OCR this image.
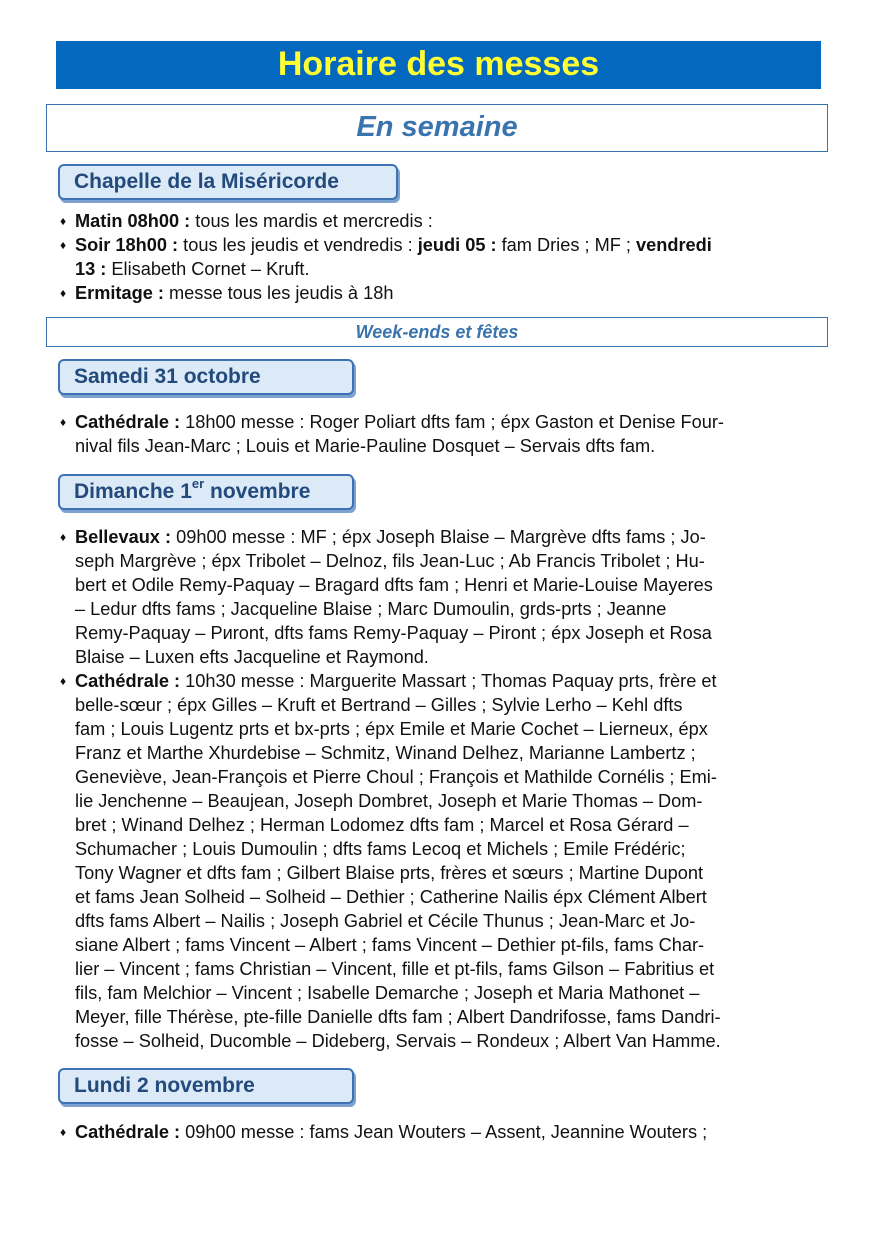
Horaire des messes
En semaine
Chapelle de la Miséricorde
♦ Matin 08h00 : tous les mardis et mercredis :
♦ Soir 18h00 : tous les jeudis et vendredis : jeudi 05 : fam Dries ; MF ; vendredi
13 : Elisabeth Cornet – Kruft.
♦ Ermitage : messe tous les jeudis à 18h
Week-ends et fêtes
Samedi 31 octobre
♦ Cathédrale : 18h00 messe : Roger Poliart dfts fam ; épx Gaston et Denise Four-
nival fils Jean-Marc ; Louis et Marie-Pauline Dosquet – Servais dfts fam.
Dimanche 1er novembre
♦ Bellevaux : 09h00 messe : MF ; épx Joseph Blaise – Margrève dfts fams ; Jo-
seph Margrève ; épx Tribolet – Delnoz, fils Jean-Luc ; Ab Francis Tribolet ; Hu-
bert et Odile Remy-Paquay – Bragard dfts fam ; Henri et Marie-Louise Mayeres
– Ledur dfts fams ; Jacqueline Blaise ; Marc Dumoulin, grds-prts ; Jeanne
Remy-Paquay – Pиront, dfts fams Remy-Paquay – Piront ; épx Joseph et Rosa
Blaise – Luxen efts Jacqueline et Raymond.
♦ Cathédrale : 10h30 messe : Marguerite Massart ; Thomas Paquay prts, frère et
belle-sœur ; épx Gilles – Kruft et Bertrand – Gilles ; Sylvie Lerho – Kehl dfts
fam ; Louis Lugentz prts et bx-prts ; épx Emile et Marie Cochet – Lierneux, épx
Franz et Marthe Xhurdebise – Schmitz, Winand Delhez, Marianne Lambertz ;
Geneviève, Jean-François et Pierre Choul ; François et Mathilde Cornélis ; Emi-
lie Jenchenne – Beaujean, Joseph Dombret, Joseph et Marie Thomas – Dom-
bret ; Winand Delhez ; Herman Lodomez dfts fam ; Marcel et Rosa Gérard –
Schumacher ; Louis Dumoulin ; dfts fams Lecoq et Michels ; Emile Frédéric;
Tony Wagner et dfts fam ; Gilbert Blaise prts, frères et sœurs ; Martine Dupont
et fams Jean Solheid – Solheid – Dethier ; Catherine Nailis épx Clément Albert
dfts fams Albert – Nailis ; Joseph Gabriel et Cécile Thunus ; Jean-Marc et Jo-
siane Albert ; fams Vincent – Albert ; fams Vincent – Dethier pt-fils, fams Char-
lier – Vincent ; fams Christian – Vincent, fille et pt-fils, fams Gilson – Fabritius et
fils, fam Melchior – Vincent ; Isabelle Demarche ; Joseph et Maria Mathonet –
Meyer, fille Thérèse, pte-fille Danielle dfts fam ; Albert Dandrifosse, fams Dandri-
fosse – Solheid, Ducomble – Dideberg, Servais – Rondeux ; Albert Van Hamme.
Lundi 2 novembre
♦ Cathédrale : 09h00 messe : fams Jean Wouters – Assent, Jeannine Wouters ;
